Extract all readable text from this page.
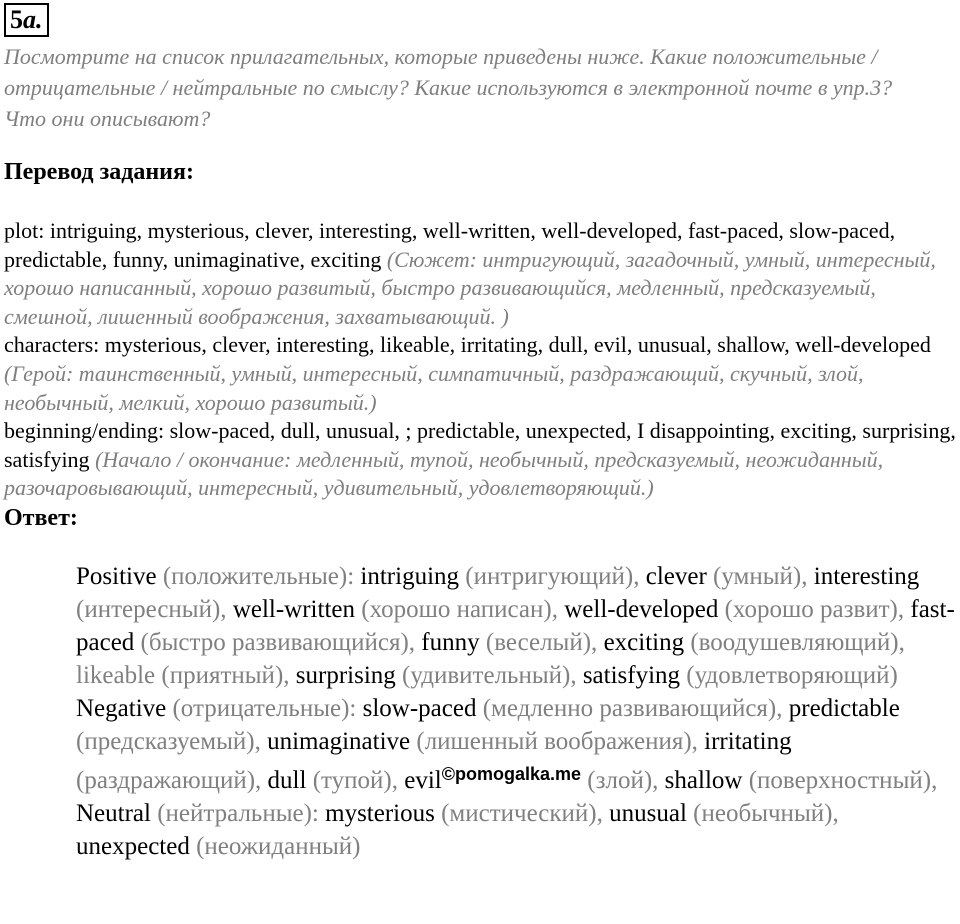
5a.
Посмотрите на список прилагательных, которые приведены ниже. Какие положительные / отрицательные / нейтральные по смыслу? Какие используются в электронной почте в упр.3? Что они описывают?
Перевод задания:
plot: intriguing, mysterious, clever, interesting, well-written, well-developed, fast-paced, slow-paced, predictable, funny, unimaginative, exciting (Сюжет: интригующий, загадочный, умный, интересный, хорошо написанный, хорошо развитый, быстро развивающийся, медленный, предсказуемый, смешной, лишенный воображения, захватывающий. )
characters: mysterious, clever, interesting, likeable, irritating, dull, evil, unusual, shallow, well-developed (Герой: таинственный, умный, интересный, симпатичный, раздражающий, скучный, злой, необычный, мелкий, хорошо развитый.)
beginning/ending: slow-paced, dull, unusual, ; predictable, unexpected, I disappointing, exciting, surprising, satisfying (Начало / окончание: медленный, тупой, необычный, предсказуемый, неожиданный, разочаровывающий, интересный, удивительный, удовлетворяющий.)
Ответ:
Positive (положительные): intriguing (интригующий), clever (умный), interesting (интересный), well-written (хорошо написан), well-developed (хорошо развит), fast-paced (быстро развивающийся), funny (веселый), exciting (воодушевляющий), likeable (приятный), surprising (удивительный), satisfying (удовлетворяющий)
Negative (отрицательные): slow-paced (медленно развивающийся), predictable (предсказуемый), unimaginative (лишенный воображения), irritating (раздражающий), dull (тупой), evil$^{©pomogalka.me}$ (злой), shallow (поверхностный),
Neutral (нейтральные): mysterious (мистический), unusual (необычный), unexpected (неожиданный)
